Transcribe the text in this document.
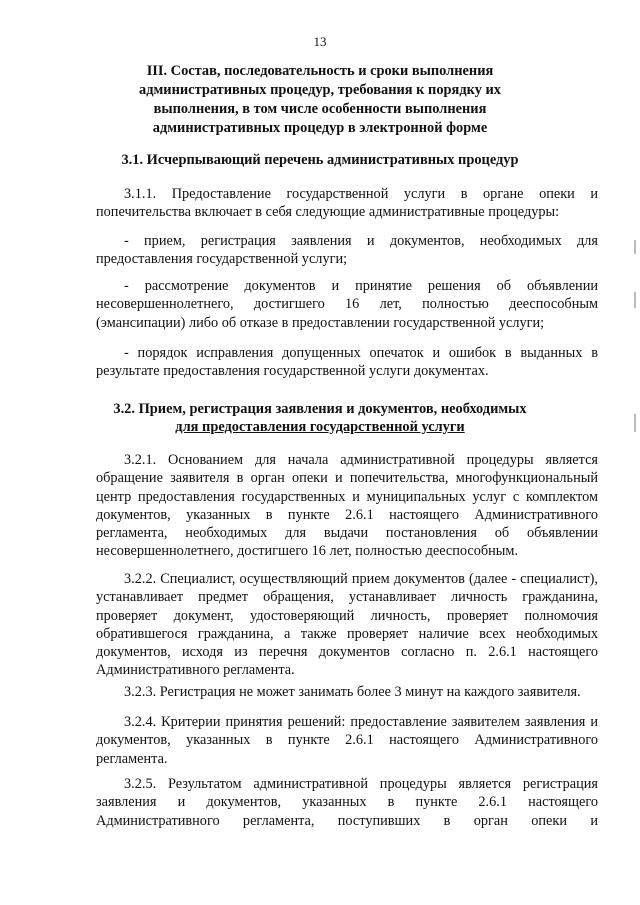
13
III. Состав, последовательность и сроки выполнения
административных процедур, требования к порядку их
выполнения, в том числе особенности выполнения
административных процедур в электронной форме
3.1. Исчерпывающий перечень административных процедур

3.1.1. Предоставление государственной услуги в органе опеки и попечительства включает в себя следующие административные процедуры:

- прием, регистрация заявления и документов, необходимых для предоставления государственной услуги;

- рассмотрение документов и принятие решения об объявлении несовершеннолетнего, достигшего 16 лет, полностью дееспособным (эмансипации) либо об отказе в предоставлении государственной услуги;

- порядок исправления допущенных опечаток и ошибок в выданных в результате предоставления государственной услуги документах.

3.2. Прием, регистрация заявления и документов, необходимых
для предоставления государственной услуги

3.2.1. Основанием для начала административной процедуры является обращение заявителя в орган опеки и попечительства, многофункциональный центр предоставления государственных и муниципальных услуг с комплектом документов, указанных в пункте 2.6.1 настоящего Административного регламента, необходимых для выдачи постановления об объявлении несовершеннолетнего, достигшего 16 лет, полностью дееспособным.

3.2.2. Специалист, осуществляющий прием документов (далее - специалист), устанавливает предмет обращения, устанавливает личность гражданина, проверяет документ, удостоверяющий личность, проверяет полномочия обратившегося гражданина, а также проверяет наличие всех необходимых документов, исходя из перечня документов согласно п. 2.6.1 настоящего Административного регламента.

3.2.3. Регистрация не может занимать более 3 минут на каждого заявителя.

3.2.4. Критерии принятия решений: предоставление заявителем заявления и документов, указанных в пункте 2.6.1 настоящего Административного регламента.

3.2.5. Результатом административной процедуры является регистрация заявления и документов, указанных в пункте 2.6.1 настоящего Административного регламента, поступивших в орган опеки и
